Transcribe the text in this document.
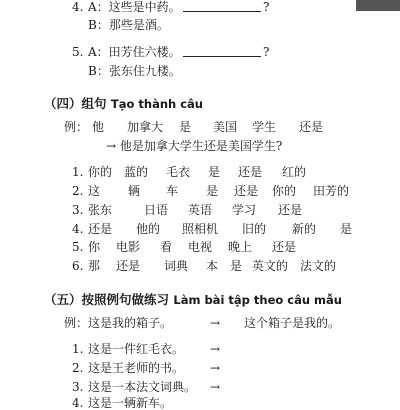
4. A：这些是中药。	?
B：那些是酒。
5. A：田芳住六楼。	?
B：张东住九楼。
（四）组句 Tạo thành câu
例： 他 加拿大 是 美国 学生 还是
→ 他是加拿大学生还是美国学生?
1. 你的 蓝的 毛衣 是 还是 红的
2. 这 辆 车 是 还是 你的 田芳的
3. 张东	日语 英语 学习 还是
4. 还是 他的 照相机 旧的 新的 是
5. 你 电影 看 电视 晚上 还是
6. 那 还是 词典 本 是 英文的 法文的
（五）按照例句做练习 Làm bài tập theo câu mẫu
例：这是我的箱子。	→ 这个箱子是我的。
1. 这是一件红毛衣。 →
2. 这是王老师的书。 →
3. 这是一本法文词典。 →
4. 这是一辆新车。
